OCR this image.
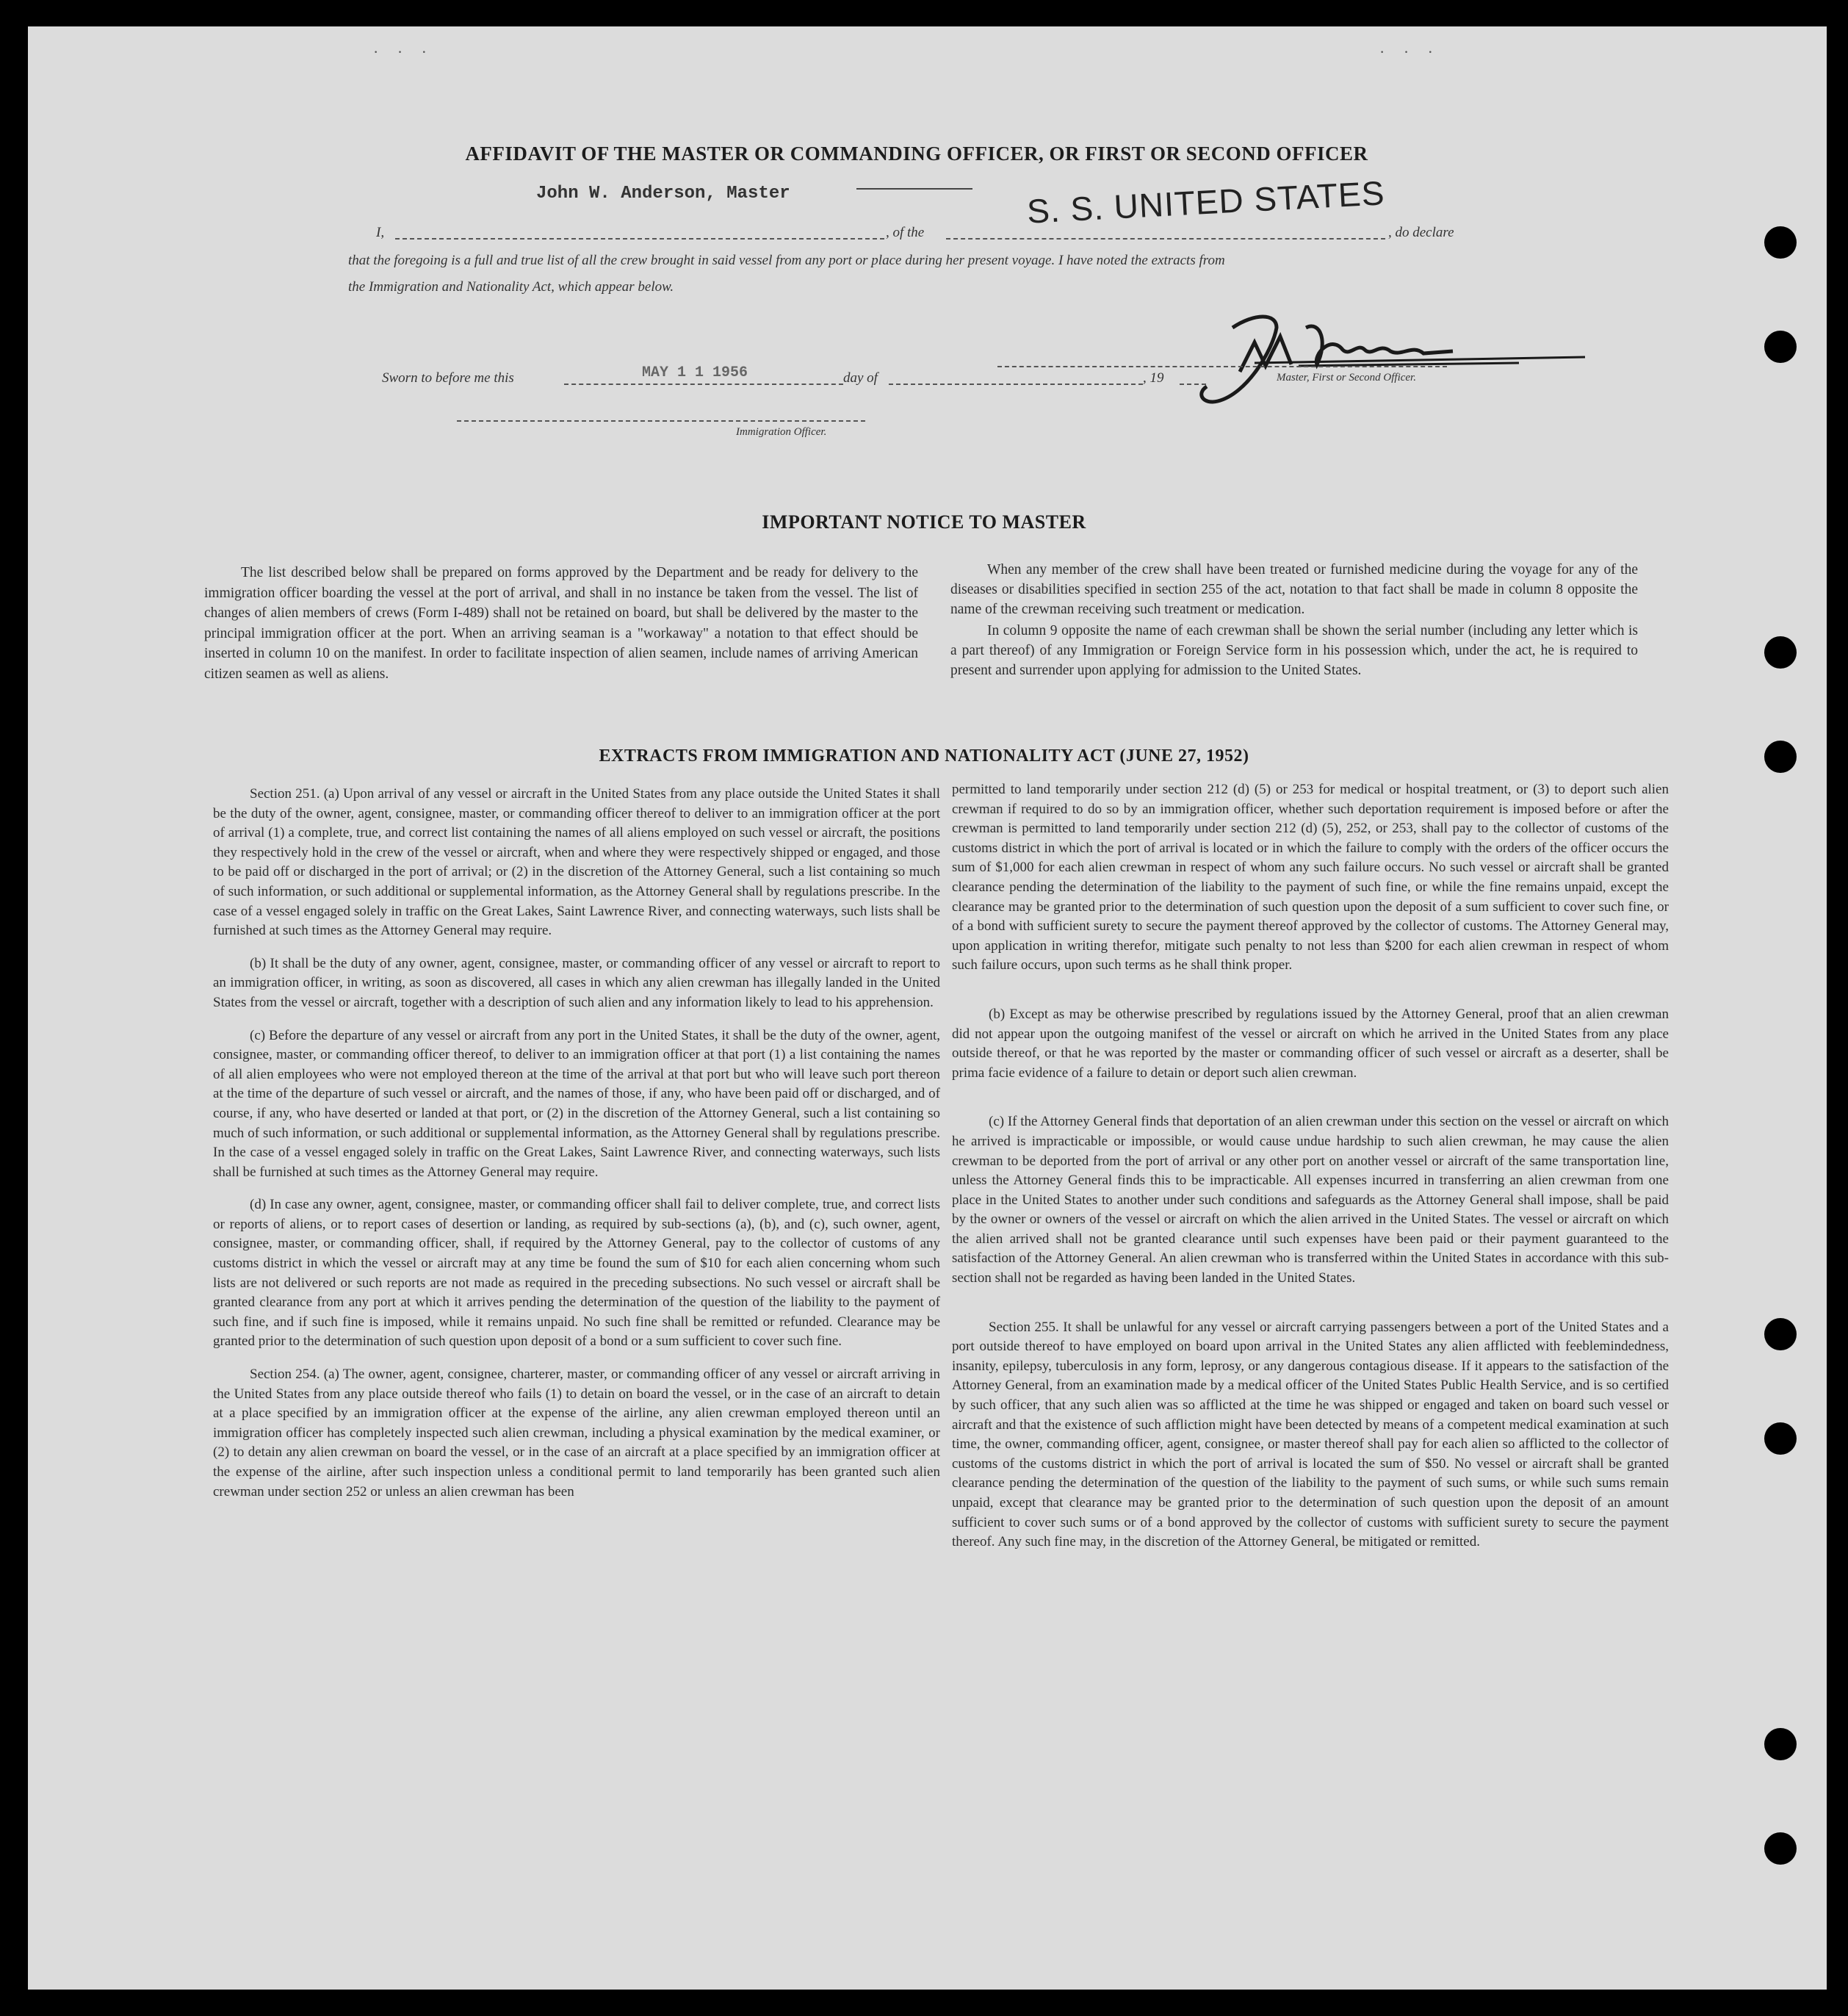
· · ·	· · ·
AFFIDAVIT OF THE MASTER OR COMMANDING OFFICER, OR FIRST OR SECOND OFFICER
John W. Anderson, Master	S. S. UNITED STATES
I,	, of the	, do declare
that the foregoing is a full and true list of all the crew brought in said vessel from any port or place during her present voyage. I have noted the extracts from
the Immigration and Nationality Act, which appear below.
Master, First or Second Officer.
Sworn to before me this	MAY 1 1 1956	day of	, 19
Immigration Officer.
IMPORTANT NOTICE TO MASTER

The list described below shall be prepared on forms approved by the Department and be ready for delivery to the immigration officer boarding the vessel at the port of arrival, and shall in no instance be taken from the vessel. The list of changes of alien members of crews (Form I-489) shall not be retained on board, but shall be delivered by the master to the principal immigration officer at the port. When an arriving seaman is a "workaway" a notation to that effect should be inserted in column 10 on the manifest. In order to facilitate inspection of alien seamen, include names of arriving American citizen seamen as well as aliens.

When any member of the crew shall have been treated or furnished medicine during the voyage for any of the diseases or disabilities specified in section 255 of the act, notation to that fact shall be made in column 8 opposite the name of the crewman receiving such treatment or medication.

In column 9 opposite the name of each crewman shall be shown the serial number (including any letter which is a part thereof) of any Immigration or Foreign Service form in his possession which, under the act, he is required to present and surrender upon applying for admission to the United States.

EXTRACTS FROM IMMIGRATION AND NATIONALITY ACT (JUNE 27, 1952)

Section 251. (a) Upon arrival of any vessel or aircraft in the United States from any place outside the United States it shall be the duty of the owner, agent, consignee, master, or commanding officer thereof to deliver to an immigration officer at the port of arrival (1) a complete, true, and correct list containing the names of all aliens employed on such vessel or aircraft, the positions they respectively hold in the crew of the vessel or aircraft, when and where they were respectively shipped or engaged, and those to be paid off or discharged in the port of arrival; or (2) in the discretion of the Attorney General, such a list containing so much of such information, or such additional or supplemental information, as the Attorney General shall by regulations prescribe. In the case of a vessel engaged solely in traffic on the Great Lakes, Saint Lawrence River, and connecting waterways, such lists shall be furnished at such times as the Attorney General may require.

(b) It shall be the duty of any owner, agent, consignee, master, or commanding officer of any vessel or aircraft to report to an immigration officer, in writing, as soon as discovered, all cases in which any alien crewman has illegally landed in the United States from the vessel or aircraft, together with a description of such alien and any information likely to lead to his apprehension.

(c) Before the departure of any vessel or aircraft from any port in the United States, it shall be the duty of the owner, agent, consignee, master, or commanding officer thereof, to deliver to an immigration officer at that port (1) a list containing the names of all alien employees who were not employed thereon at the time of the arrival at that port but who will leave such port thereon at the time of the departure of such vessel or aircraft, and the names of those, if any, who have been paid off or discharged, and of course, if any, who have deserted or landed at that port, or (2) in the discretion of the Attorney General, such a list containing so much of such information, or such additional or supplemental information, as the Attorney General shall by regulations prescribe. In the case of a vessel engaged solely in traffic on the Great Lakes, Saint Lawrence River, and connecting waterways, such lists shall be furnished at such times as the Attorney General may require.

(d) In case any owner, agent, consignee, master, or commanding officer shall fail to deliver complete, true, and correct lists or reports of aliens, or to report cases of desertion or landing, as required by sub-sections (a), (b), and (c), such owner, agent, consignee, master, or commanding officer, shall, if required by the Attorney General, pay to the collector of customs of any customs district in which the vessel or aircraft may at any time be found the sum of $10 for each alien concerning whom such lists are not delivered or such reports are not made as required in the preceding subsections. No such vessel or aircraft shall be granted clearance from any port at which it arrives pending the determination of the question of the liability to the payment of such fine, and if such fine is imposed, while it remains unpaid. No such fine shall be remitted or refunded. Clearance may be granted prior to the determination of such question upon deposit of a bond or a sum sufficient to cover such fine.

Section 254. (a) The owner, agent, consignee, charterer, master, or commanding officer of any vessel or aircraft arriving in the United States from any place outside thereof who fails (1) to detain on board the vessel, or in the case of an aircraft to detain at a place specified by an immigration officer at the expense of the airline, any alien crewman employed thereon until an immigration officer has completely inspected such alien crewman, including a physical examination by the medical examiner, or (2) to detain any alien crewman on board the vessel, or in the case of an aircraft at a place specified by an immigration officer at the expense of the airline, after such inspection unless a conditional permit to land temporarily has been granted such alien crewman under section 252 or unless an alien crewman has been

permitted to land temporarily under section 212 (d) (5) or 253 for medical or hospital treatment, or (3) to deport such alien crewman if required to do so by an immigration officer, whether such deportation requirement is imposed before or after the crewman is permitted to land temporarily under section 212 (d) (5), 252, or 253, shall pay to the collector of customs of the customs district in which the port of arrival is located or in which the failure to comply with the orders of the officer occurs the sum of $1,000 for each alien crewman in respect of whom any such failure occurs. No such vessel or aircraft shall be granted clearance pending the determination of the liability to the payment of such fine, or while the fine remains unpaid, except the clearance may be granted prior to the determination of such question upon the deposit of a sum sufficient to cover such fine, or of a bond with sufficient surety to secure the payment thereof approved by the collector of customs. The Attorney General may, upon application in writing therefor, mitigate such penalty to not less than $200 for each alien crewman in respect of whom such failure occurs, upon such terms as he shall think proper.

(b) Except as may be otherwise prescribed by regulations issued by the Attorney General, proof that an alien crewman did not appear upon the outgoing manifest of the vessel or aircraft on which he arrived in the United States from any place outside thereof, or that he was reported by the master or commanding officer of such vessel or aircraft as a deserter, shall be prima facie evidence of a failure to detain or deport such alien crewman.

(c) If the Attorney General finds that deportation of an alien crewman under this section on the vessel or aircraft on which he arrived is impracticable or impossible, or would cause undue hardship to such alien crewman, he may cause the alien crewman to be deported from the port of arrival or any other port on another vessel or aircraft of the same transportation line, unless the Attorney General finds this to be impracticable. All expenses incurred in transferring an alien crewman from one place in the United States to another under such conditions and safeguards as the Attorney General shall impose, shall be paid by the owner or owners of the vessel or aircraft on which the alien arrived in the United States. The vessel or aircraft on which the alien arrived shall not be granted clearance until such expenses have been paid or their payment guaranteed to the satisfaction of the Attorney General. An alien crewman who is transferred within the United States in accordance with this sub-section shall not be regarded as having been landed in the United States.

Section 255. It shall be unlawful for any vessel or aircraft carrying passengers between a port of the United States and a port outside thereof to have employed on board upon arrival in the United States any alien afflicted with feeblemindedness, insanity, epilepsy, tuberculosis in any form, leprosy, or any dangerous contagious disease. If it appears to the satisfaction of the Attorney General, from an examination made by a medical officer of the United States Public Health Service, and is so certified by such officer, that any such alien was so afflicted at the time he was shipped or engaged and taken on board such vessel or aircraft and that the existence of such affliction might have been detected by means of a competent medical examination at such time, the owner, commanding officer, agent, consignee, or master thereof shall pay for each alien so afflicted to the collector of customs of the customs district in which the port of arrival is located the sum of $50. No vessel or aircraft shall be granted clearance pending the determination of the question of the liability to the payment of such sums, or while such sums remain unpaid, except that clearance may be granted prior to the determination of such question upon the deposit of an amount sufficient to cover such sums or of a bond approved by the collector of customs with sufficient surety to secure the payment thereof. Any such fine may, in the discretion of the Attorney General, be mitigated or remitted.
